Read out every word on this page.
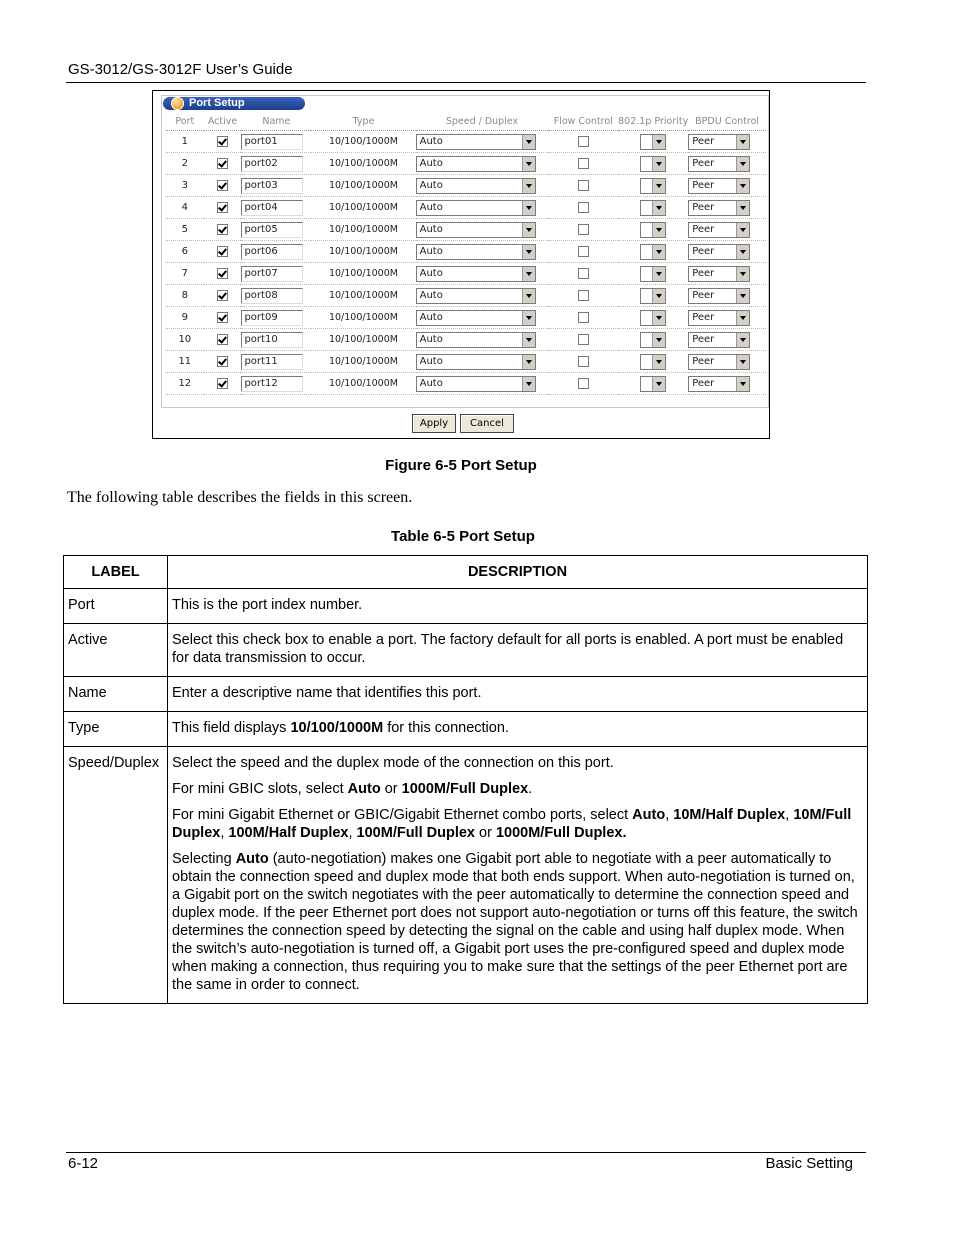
GS-3012/GS-3012F User’s Guide
Port Setup
Port	Active	Name	Type	Speed / Duplex	Flow Control	802.1p Priority	BPDU Control
1		port01	10/100/1000M	Auto			Peer

2		port02	10/100/1000M	Auto			Peer

3		port03	10/100/1000M	Auto			Peer

4		port04	10/100/1000M	Auto			Peer

5		port05	10/100/1000M	Auto			Peer

6		port06	10/100/1000M	Auto			Peer

7		port07	10/100/1000M	Auto			Peer

8		port08	10/100/1000M	Auto			Peer

9		port09	10/100/1000M	Auto			Peer

10		port10	10/100/1000M	Auto			Peer

11		port11	10/100/1000M	Auto			Peer

12		port12	10/100/1000M	Auto			Peer
Apply	Cancel
Figure 6-5 Port Setup
The following table describes the fields in this screen.
Table 6-5 Port Setup
LABEL	DESCRIPTION
Port	This is the port index number.

Active	Select this check box to enable a port. The factory default for all ports is enabled. A port must be enabled for data transmission to occur.

Name	Enter a descriptive name that identifies this port.

Type	This field displays 10/100/1000M for this connection.

Speed/Duplex	Select the speed and the duplex mode of the connection on this port.

For mini GBIC slots, select Auto or 1000M/Full Duplex.

For mini Gigabit Ethernet or GBIC/Gigabit Ethernet combo ports, select Auto, 10M/Half Duplex, 10M/Full Duplex, 100M/Half Duplex, 100M/Full Duplex or 1000M/Full Duplex.

Selecting Auto (auto-negotiation) makes one Gigabit port able to negotiate with a peer automatically to obtain the connection speed and duplex mode that both ends support. When auto-negotiation is turned on, a Gigabit port on the switch negotiates with the peer automatically to determine the connection speed and duplex mode. If the peer Ethernet port does not support auto-negotiation or turns off this feature, the switch determines the connection speed by detecting the signal on the cable and using half duplex mode. When the switch’s auto-negotiation is turned off, a Gigabit port uses the pre-configured speed and duplex mode when making a connection, thus requiring you to make sure that the settings of the peer Ethernet port are the same in order to connect.

6-12	Basic Setting
